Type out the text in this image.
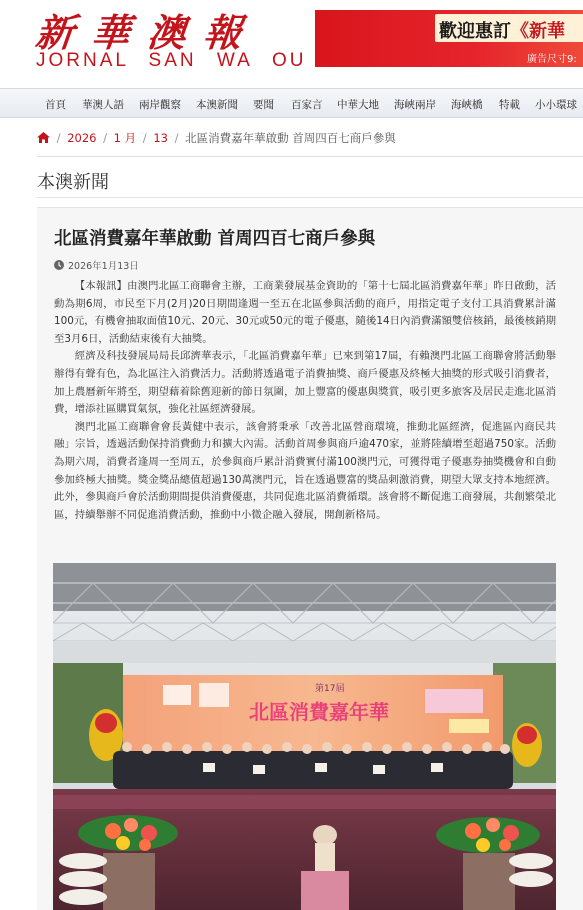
新華澳報
JORNAL SAN WA OU
歡迎惠訂《新華
廣告尺寸9:
首頁 華澳人語 兩岸觀察 本澳新聞 要聞 百家言 中華大地 海峽兩岸 海峽橋 特載 小小環球
/ 2026 / 1 月 / 13 / 北區消費嘉年華啟動 首周四百七商戶參與
本澳新聞
北區消費嘉年華啟動 首周四百七商戶參與
2026年1月13日

【本報訊】由澳門北區工商聯會主辦，工商業發展基金資助的「第十七屆北區消費嘉年華」昨日啟動，活動為期6周，市民至下月(2月)20日期間逢週一至五在北區參與活動的商戶，用指定電子支付工具消費累計滿100元，有機會抽取面值10元、20元、30元或50元的電子優惠，隨後14日內消費滿額雙倍核銷，最後核銷期至3月6日，活動結束後有大抽獎。

經濟及科技發展局局長邱濟華表示，「北區消費嘉年華」已來到第17屆，有賴澳門北區工商聯會將活動舉辦得有聲有色，為北區注入消費活力。活動將透過電子消費抽獎、商戶優惠及終極大抽獎的形式吸引消費者，加上農曆新年將至，期望藉着除舊迎新的節日氛圍，加上豐富的優惠與獎賞，吸引更多旅客及居民走進北區消費，增添社區購買氣氛，強化社區經濟發展。

澳門北區工商聯會會長黃健中表示，該會將秉承「改善北區營商環境，推動北區經濟，促進區內商民共融」宗旨，透過活動保持消費動力和擴大內需。活動首周參與商戶逾470家，並將陸續增至超過750家。活動為期六周，消費者逢周一至周五，於參與商戶累計消費實付滿100澳門元，可獲得電子優惠券抽獎機會和自動參加終極大抽獎。獎金獎品總值超過130萬澳門元，旨在透過豐富的獎品刺激消費，期望大眾支持本地經濟。此外，參與商戶會於活動期間提供消費優惠，共同促進北區消費循環。該會將不斷促進工商發展，共創繁榮北區，持續舉辦不同促進消費活動，推動中小微企融入發展，開創新格局。

北區消費嘉年華
第17屆
